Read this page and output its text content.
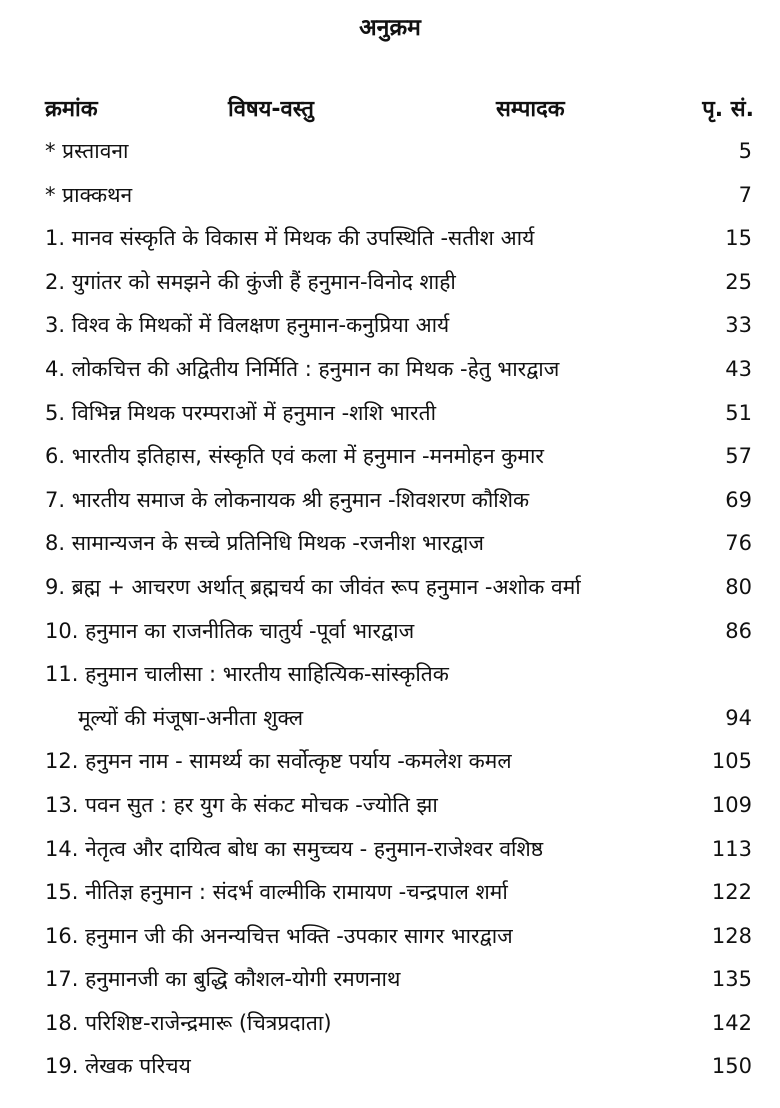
अनुक्रम
क्रमांक	विषय-वस्तु	सम्पादक	पृ. सं.
* प्रस्तावना	5
* प्राक्कथन	7
1. मानव संस्कृति के विकास में मिथक की उपस्थिति -सतीश आर्य	15
2. युगांतर को समझने की कुंजी हैं हनुमान-विनोद शाही	25
3. विश्व के मिथकों में विलक्षण हनुमान-कनुप्रिया आर्य	33
4. लोकचित्त की अद्वितीय निर्मिति : हनुमान का मिथक -हेतु भारद्वाज	43
5. विभिन्न मिथक परम्पराओं में हनुमान -शशि भारती	51
6. भारतीय इतिहास, संस्कृति एवं कला में हनुमान -मनमोहन कुमार	57
7. भारतीय समाज के लोकनायक श्री हनुमान -शिवशरण कौशिक	69
8. सामान्यजन के सच्चे प्रतिनिधि मिथक -रजनीश भारद्वाज	76
9. ब्रह्म + आचरण अर्थात् ब्रह्मचर्य का जीवंत रूप हनुमान -अशोक वर्मा	80
10. हनुमान का राजनीतिक चातुर्य -पूर्वा भारद्वाज	86
11. हनुमान चालीसा : भारतीय साहित्यिक-सांस्कृतिक
मूल्यों की मंजूषा-अनीता शुक्ल	94
12. हनुमन नाम - सामर्थ्य का सर्वोत्कृष्ट पर्याय -कमलेश कमल	105
13. पवन सुत : हर युग के संकट मोचक -ज्योति झा	109
14. नेतृत्व और दायित्व बोध का समुच्चय - हनुमान-राजेश्वर वशिष्ठ	113
15. नीतिज्ञ हनुमान : संदर्भ वाल्मीकि रामायण -चन्द्रपाल शर्मा	122
16. हनुमान जी की अनन्यचित्त भक्ति -उपकार सागर भारद्वाज	128
17. हनुमानजी का बुद्धि कौशल-योगी रमणनाथ	135
18. परिशिष्ट-राजेन्द्रमारू (चित्रप्रदाता)	142
19. लेखक परिचय	150
